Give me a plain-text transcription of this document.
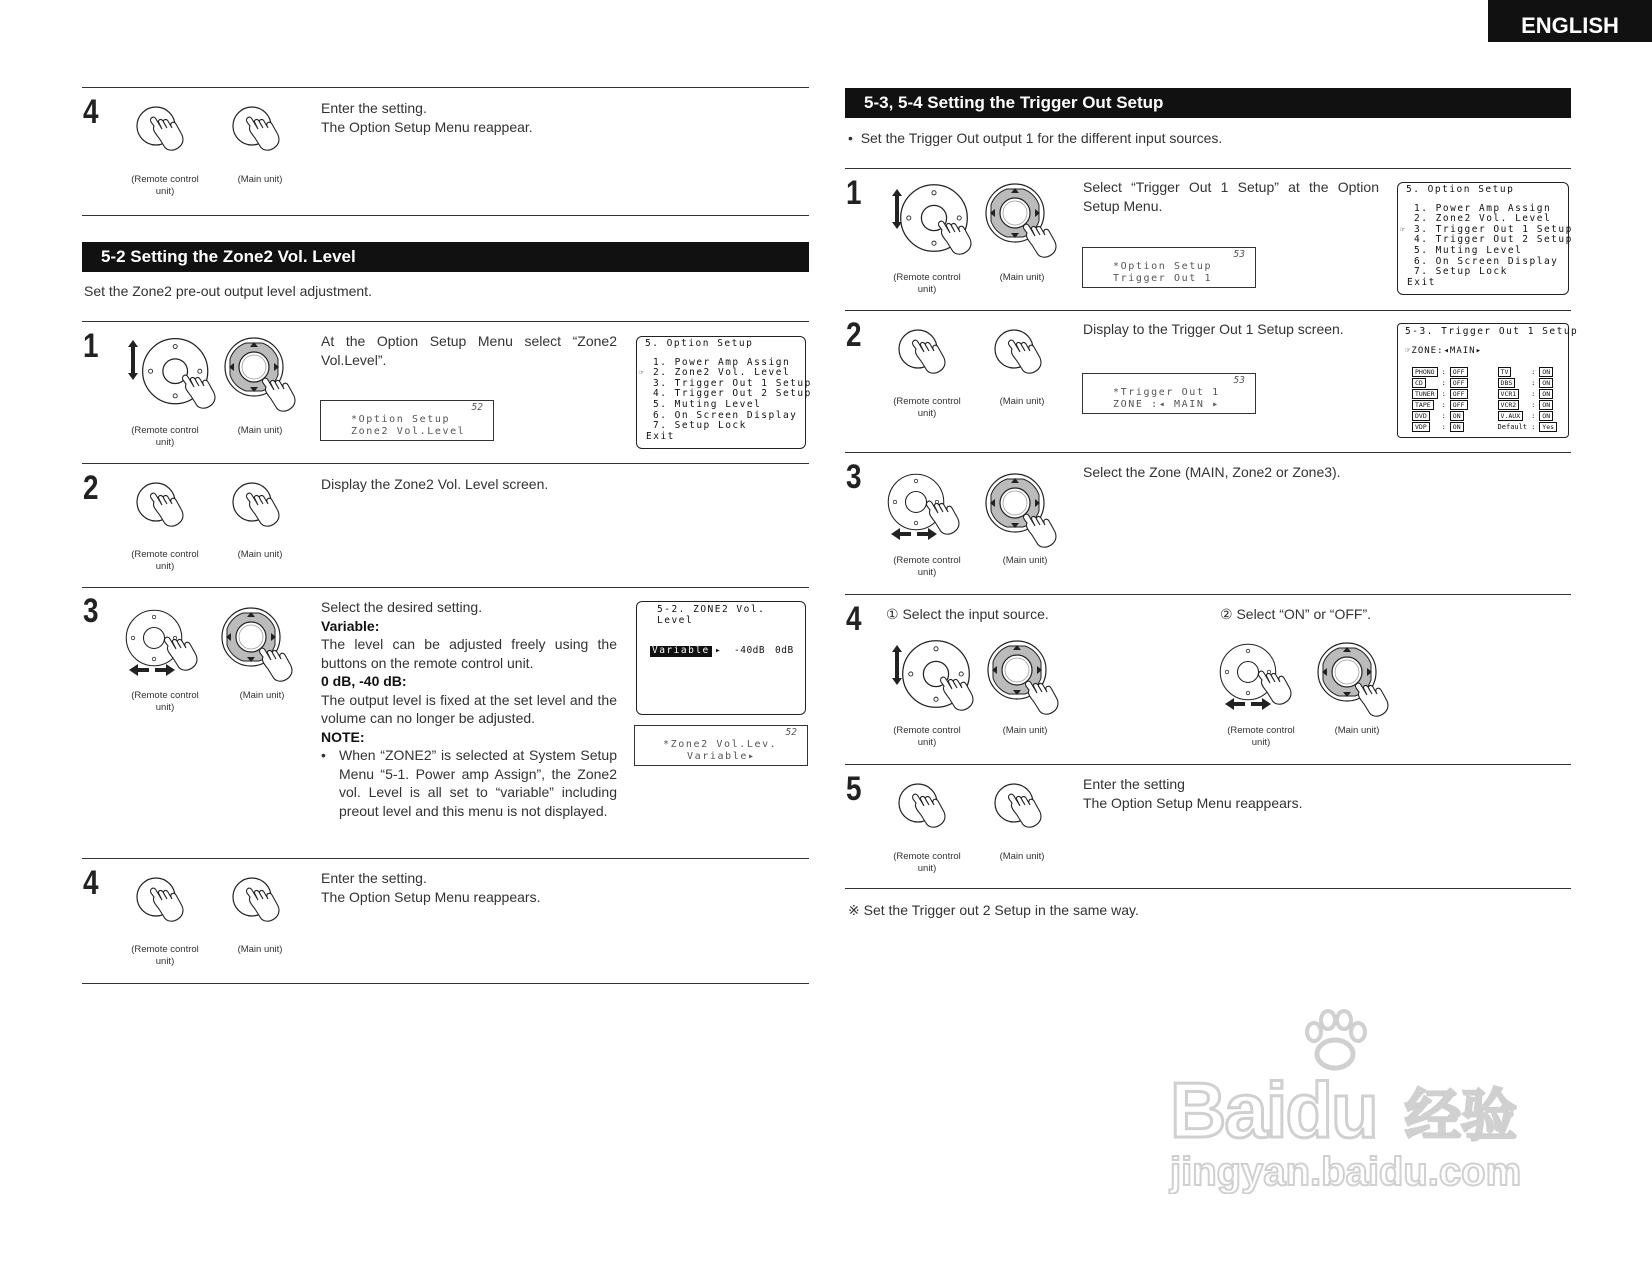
ENGLISH
4
(Remote control unit)
(Main unit)
Enter the setting.
The Option Setup Menu reappear.
5-2 Setting the Zone2 Vol. Level
Set the Zone2 pre-out output level adjustment.
1
(Remote control unit)
(Main unit)
At the Option Setup Menu select “Zone2 Vol.Level”.
52
*Option Setup
Zone2 Vol.Level
5. Option Setup
1. Power Amp Assign
☞ 2. Zone2 Vol. Level
3. Trigger Out 1 Setup
4. Trigger Out 2 Setup
5. Muting Level
6. On Screen Display
7. Setup Lock
Exit
2
(Remote control unit)
(Main unit)
Display the Zone2 Vol. Level screen.
3
(Remote control unit)
(Main unit)
Select the desired setting.
Variable:
The level can be adjusted freely using the buttons on the remote control unit.
0 dB, -40 dB:
The output level is fixed at the set level and the volume can no longer be adjusted.
NOTE:
• When “ZONE2” is selected at System Setup Menu “5-1. Power amp Assign”, the Zone2 vol. Level is all set to “variable” including preout level and this menu is not displayed.
5-2. ZONE2 Vol. Level
Variable ▸ -40dB 0dB
52
*Zone2 Vol.Lev.
Variable▸
4
(Remote control unit)
(Main unit)
Enter the setting.
The Option Setup Menu reappears.
5-3, 5-4 Setting the Trigger Out Setup
•  Set the Trigger Out output 1 for the different input sources.
1
(Remote control unit)
(Main unit)
Select “Trigger Out 1 Setup” at the Option Setup Menu.
53
*Option Setup
Trigger Out 1
5. Option Setup
1. Power Amp Assign
2. Zone2 Vol. Level
☞ 3. Trigger Out 1 Setup
4. Trigger Out 2 Setup
5. Muting Level
6. On Screen Display
7. Setup Lock
Exit
2
(Remote control unit)
(Main unit)
Display to the Trigger Out 1 Setup screen.
53
*Trigger Out 1
ZONE :◂ MAIN ▸
5-3. Trigger Out 1 Setup
☞ZONE:◂MAIN▸
PHONO	:	OFF		TV	:	ON
CD	:	OFF		DBS	:	ON
TUNER	:	OFF		VCR1	:	ON
TAPE	:	OFF		VCR2	:	ON
DVD	:	ON		V.AUX	:	ON
VDP	:	ON		Default	:	Yes
3
(Remote control unit)
(Main unit)
Select the Zone (MAIN, Zone2 or Zone3).
4 ① Select the input source.	② Select “ON” or “OFF”.
(Remote control unit)
(Main unit)	(Remote control unit)
(Main unit)
5
(Remote control unit)
(Main unit)
Enter the setting
The Option Setup Menu reappears.
※ Set the Trigger out 2 Setup in the same way.
Baidu 经验
jingyan.baidu.com
